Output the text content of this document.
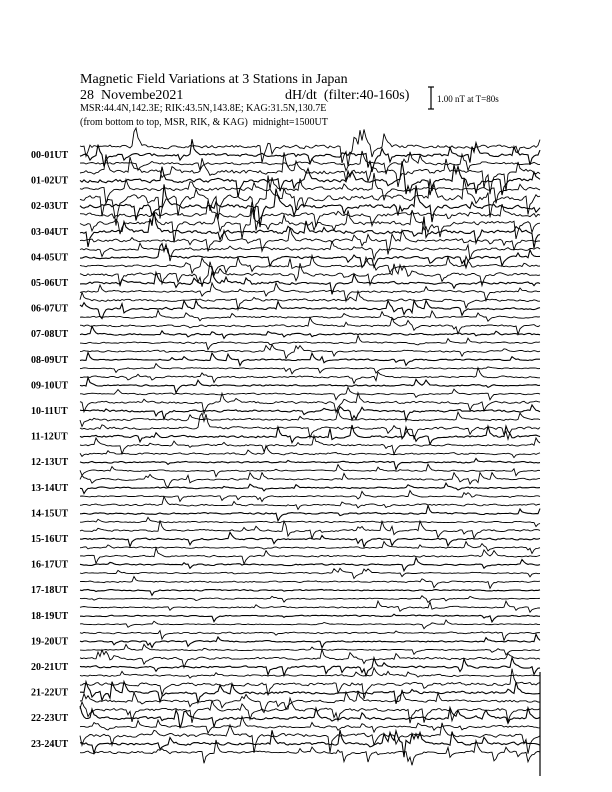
Magnetic Field Variations at 3 Stations in Japan
28  Novembe2021	dH/dt  (filter:40-160s)
MSR:44.4N,142.3E; RIK:43.5N,143.8E; KAG:31.5N,130.7E
(from bottom to top, MSR, RIK, & KAG)  midnight=1500UT
1.00 nT at T=80s
00-01UT
01-02UT
02-03UT
03-04UT
04-05UT
05-06UT
06-07UT
07-08UT
08-09UT
09-10UT
10-11UT
11-12UT
12-13UT
13-14UT
14-15UT
15-16UT
16-17UT
17-18UT
18-19UT
19-20UT
20-21UT
21-22UT
22-23UT
23-24UT
